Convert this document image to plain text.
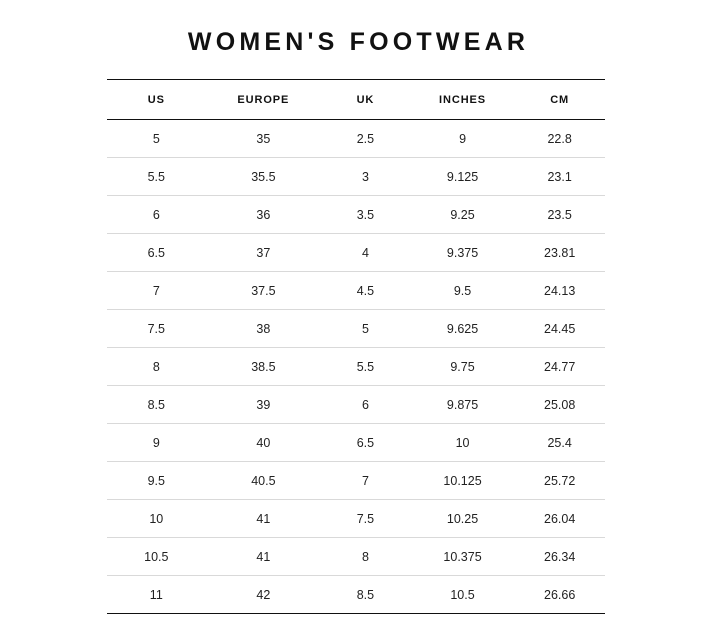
WOMEN'S FOOTWEAR
US	EUROPE	UK	INCHES	CM
5	35	2.5	9	22.8
5.5	35.5	3	9.125	23.1
6	36	3.5	9.25	23.5
6.5	37	4	9.375	23.81
7	37.5	4.5	9.5	24.13
7.5	38	5	9.625	24.45
8	38.5	5.5	9.75	24.77
8.5	39	6	9.875	25.08
9	40	6.5	10	25.4
9.5	40.5	7	10.125	25.72
10	41	7.5	10.25	26.04
10.5	41	8	10.375	26.34
11	42	8.5	10.5	26.66
